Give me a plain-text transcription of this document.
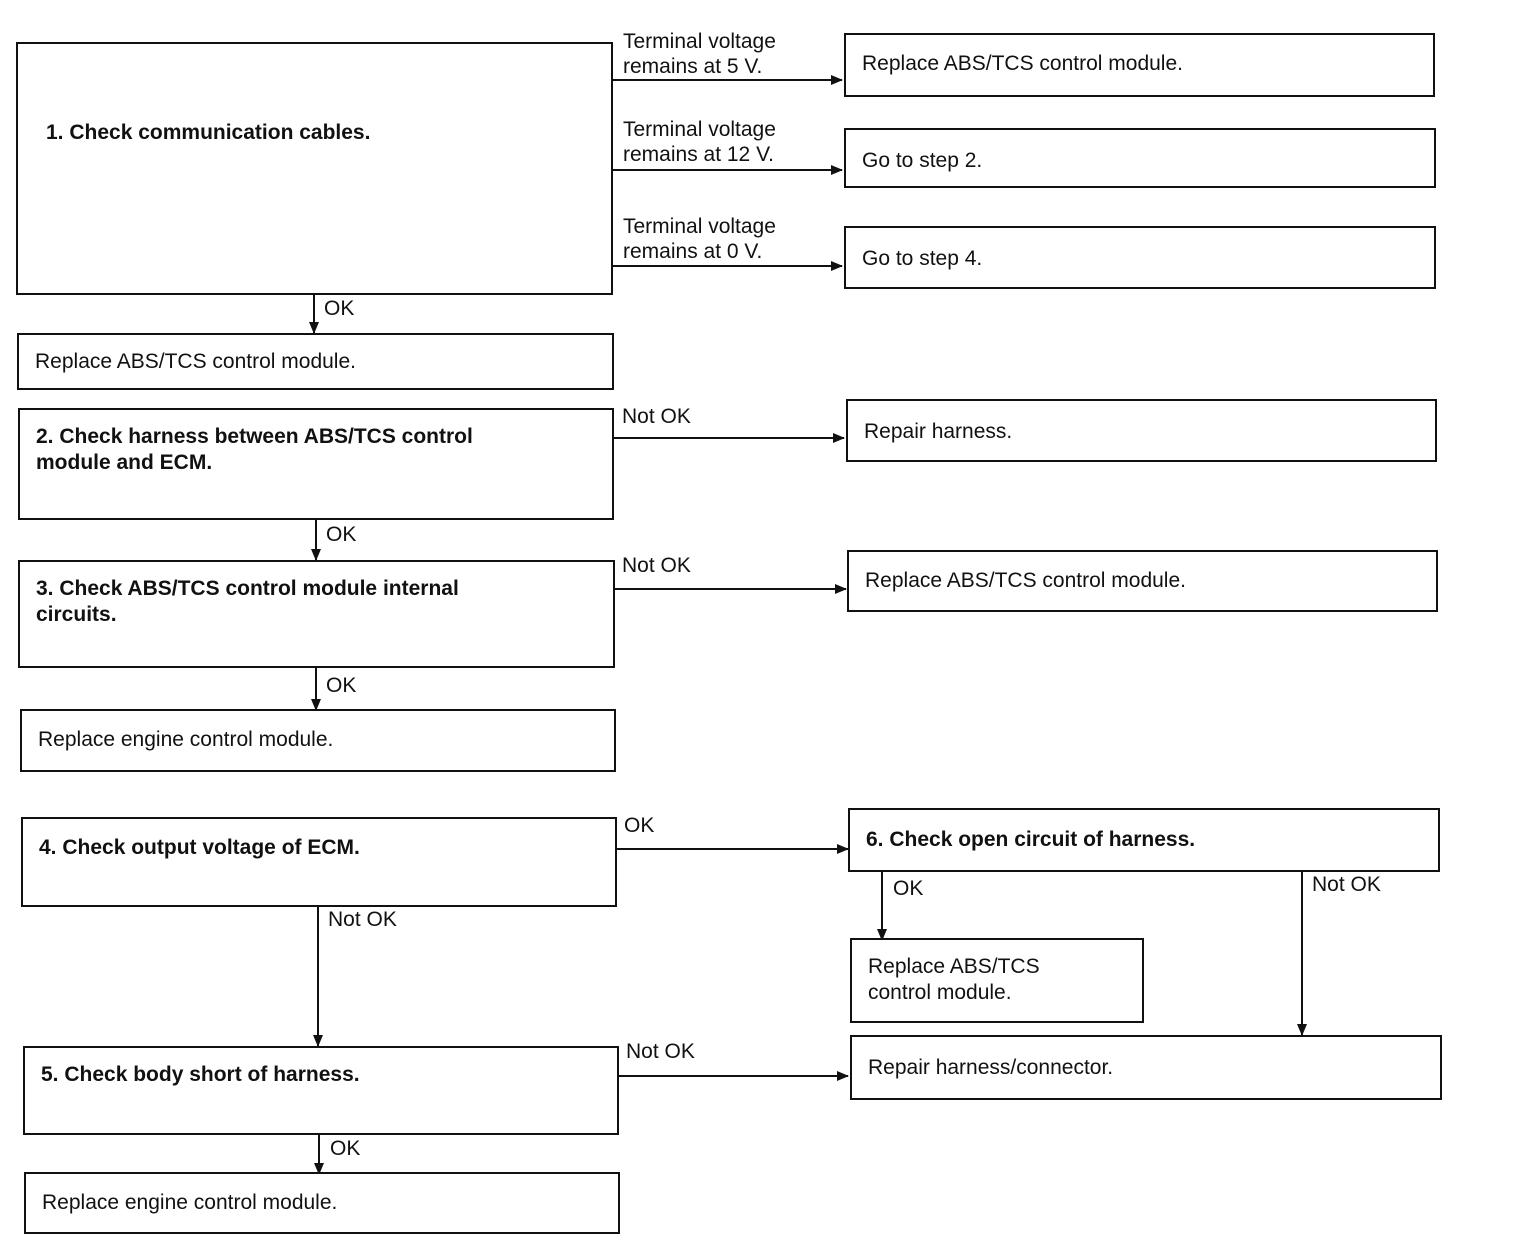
1. Check communication cables.
Terminal voltage
remains at 5 V.
Terminal voltage
remains at 12 V.
Terminal voltage
remains at 0 V.
Replace ABS/TCS control module.
Go to step 2.
Go to step 4.
OK
Replace ABS/TCS control module.
2. Check harness between ABS/TCS control
module and ECM.
Not OK
Repair harness.
OK
3. Check ABS/TCS control module internal
circuits.
Not OK
Replace ABS/TCS control module.
OK
Replace engine control module.
4. Check output voltage of ECM.
OK
Not OK
6. Check open circuit of harness.
OK	Not OK
Replace ABS/TCS
control module.
Repair harness/connector.
5. Check body short of harness.
Not OK
OK
Replace engine control module.
